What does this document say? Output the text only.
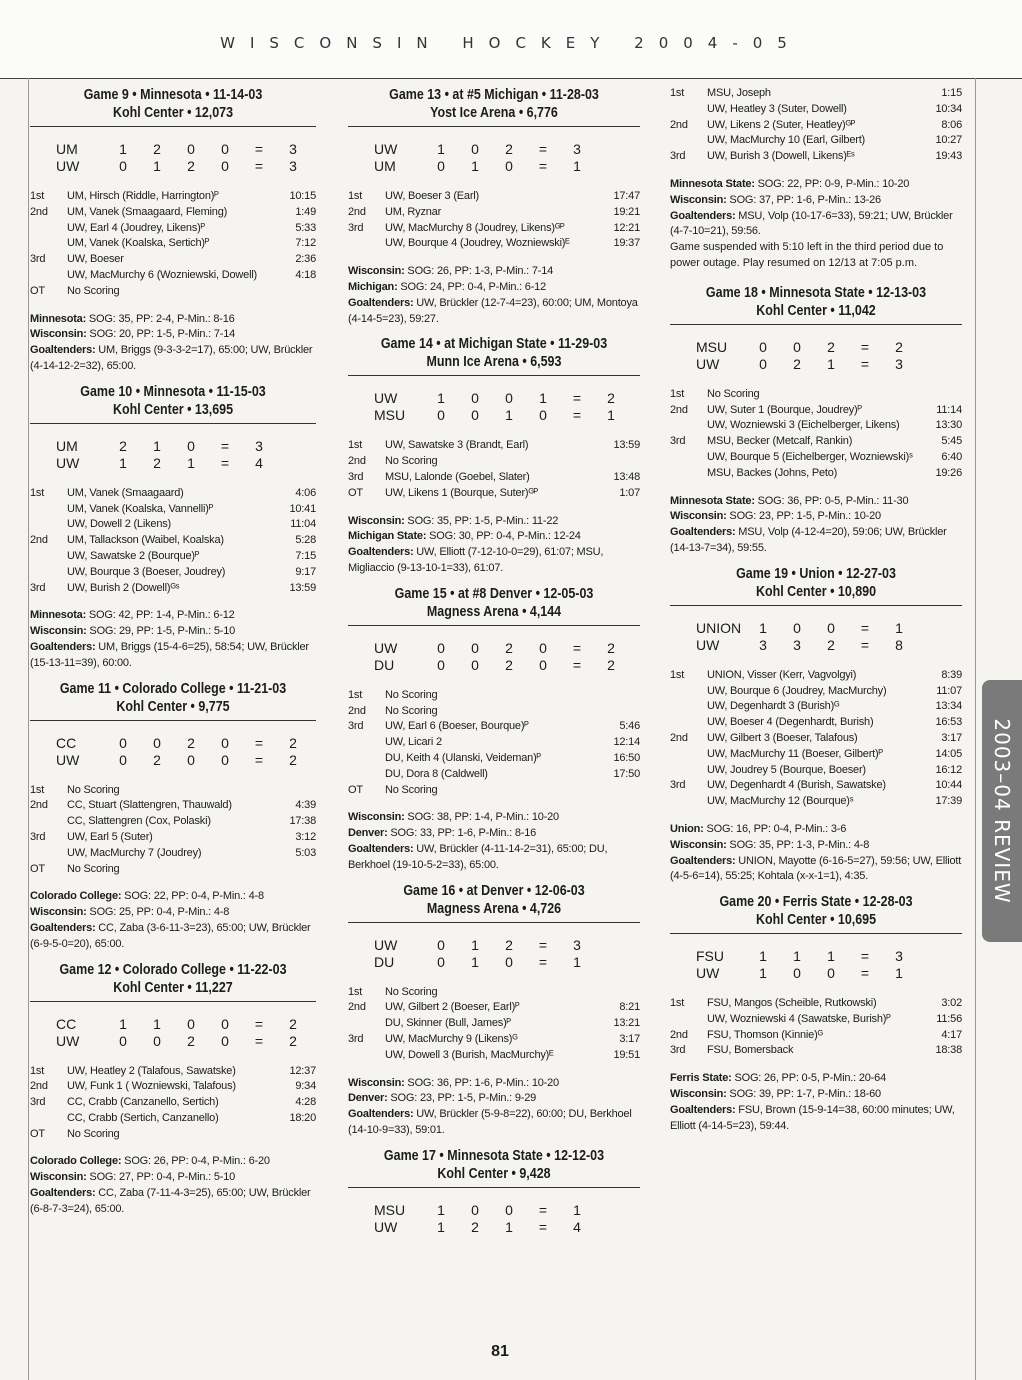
WISCONSIN HOCKEY 2004-05
Game 9 • Minnesota • 11-14-03
Kohl Center • 12,073
UM	1	2	0	0	=	3
UW	0	1	2	0	=	3
1st	UM, Hirsch (Riddle, Harrington)ᴾ	10:15
2nd	UM, Vanek (Smaagaard, Fleming)	1:49
UW, Earl 4 (Joudrey, Likens)ᴾ	5:33
UM, Vanek (Koalska, Sertich)ᴾ	7:12
3rd	UW, Boeser	2:36
UW, MacMurchy 6 (Wozniewski, Dowell)	4:18
OT	No Scoring

Minnesota: SOG: 35, PP: 2-4, P-Min.: 8-16

Wisconsin: SOG: 20, PP: 1-5, P-Min.: 7-14

Goaltenders: UM, Briggs (9-3-3-2=17), 65:00; UW, Brückler (4-14-12-2=32), 65:00.

Game 10 • Minnesota • 11-15-03
Kohl Center • 13,695
UM	2	1	0	=	3
UW	1	2	1	=	4
1st	UM, Vanek (Smaagaard)	4:06
UM, Vanek (Koalska, Vannelli)ᴾ	10:41
UW, Dowell 2 (Likens)	11:04
2nd	UM, Tallackson (Waibel, Koalska)	5:28
UW, Sawatske 2 (Bourque)ᴾ	7:15
UW, Bourque 3 (Boeser, Joudrey)	9:17
3rd	UW, Burish 2 (Dowell)ᴳˢ	13:59

Minnesota: SOG: 42, PP: 1-4, P-Min.: 6-12

Wisconsin: SOG: 29, PP: 1-5, P-Min.: 5-10

Goaltenders: UM, Briggs (15-4-6=25), 58:54; UW, Brückler (15-13-11=39), 60:00.

Game 11 • Colorado College • 11-21-03
Kohl Center • 9,775
CC	0	0	2	0	=	2
UW	0	2	0	0	=	2
1st	No Scoring
2nd	CC, Stuart (Slattengren, Thauwald)	4:39
CC, Slattengren (Cox, Polaski)	17:38
3rd	UW, Earl 5 (Suter)	3:12
UW, MacMurchy 7 (Joudrey)	5:03
OT	No Scoring

Colorado College: SOG: 22, PP: 0-4, P-Min.: 4-8

Wisconsin: SOG: 25, PP: 0-4, P-Min.: 4-8

Goaltenders: CC, Zaba (3-6-11-3=23), 65:00; UW, Brückler (6-9-5-0=20), 65:00.

Game 12 • Colorado College • 11-22-03
Kohl Center • 11,227
CC	1	1	0	0	=	2
UW	0	0	2	0	=	2
1st	UW, Heatley 2 (Talafous, Sawatske)	12:37
2nd	UW, Funk 1 ( Wozniewski, Talafous)	9:34
3rd	CC, Crabb (Canzanello, Sertich)	4:28
CC, Crabb (Sertich, Canzanello)	18:20
OT	No Scoring

Colorado College: SOG: 26, PP: 0-4, P-Min.: 6-20

Wisconsin: SOG: 27, PP: 0-4, P-Min.: 5-10

Goaltenders: CC, Zaba (7-11-4-3=25), 65:00; UW, Brückler (6-8-7-3=24), 65:00.

Game 13 • at #5 Michigan • 11-28-03
Yost Ice Arena • 6,776
UW	1	0	2	=	3
UM	0	1	0	=	1
1st	UW, Boeser 3 (Earl)	17:47
2nd	UM, Ryznar	19:21
3rd	UW, MacMurchy 8 (Joudrey, Likens)ᴳᴾ	12:21
UW, Bourque 4 (Joudrey, Wozniewski)ᴱ	19:37

Wisconsin: SOG: 26, PP: 1-3, P-Min.: 7-14

Michigan: SOG: 24, PP: 0-4, P-Min.: 6-12

Goaltenders: UW, Brückler (12-7-4=23), 60:00; UM, Montoya (4-14-5=23), 59:27.

Game 14 • at Michigan State • 11-29-03
Munn Ice Arena • 6,593
UW	1	0	0	1	=	2
MSU	0	0	1	0	=	1
1st	UW, Sawatske 3 (Brandt, Earl)	13:59
2nd	No Scoring
3rd	MSU, Lalonde (Goebel, Slater)	13:48
OT	UW, Likens 1 (Bourque, Suter)ᴳᴾ	1:07

Wisconsin: SOG: 35, PP: 1-5, P-Min.: 11-22

Michigan State: SOG: 30, PP: 0-4, P-Min.: 12-24

Goaltenders: UW, Elliott (7-12-10-0=29), 61:07; MSU, Migliaccio (9-13-10-1=33), 61:07.

Game 15 • at #8 Denver • 12-05-03
Magness Arena • 4,144
UW	0	0	2	0	=	2
DU	0	0	2	0	=	2
1st	No Scoring
2nd	No Scoring
3rd	UW, Earl 6 (Boeser, Bourque)ᴾ	5:46
UW, Licari 2	12:14
DU, Keith 4 (Ulanski, Veideman)ᴾ	16:50
DU, Dora 8 (Caldwell)	17:50
OT	No Scoring

Wisconsin: SOG: 38, PP: 1-4, P-Min.: 10-20

Denver: SOG: 33, PP: 1-6, P-Min.: 8-16

Goaltenders: UW, Brückler (4-11-14-2=31), 65:00; DU, Berkhoel (19-10-5-2=33), 65:00.

Game 16 • at Denver • 12-06-03
Magness Arena • 4,726
UW	0	1	2	=	3
DU	0	1	0	=	1
1st	No Scoring
2nd	UW, Gilbert 2 (Boeser, Earl)ᴾ	8:21
DU, Skinner (Bull, James)ᴾ	13:21
3rd	UW, MacMurchy 9 (Likens)ᴳ	3:17
UW, Dowell 3 (Burish, MacMurchy)ᴱ	19:51

Wisconsin: SOG: 36, PP: 1-6, P-Min.: 10-20

Denver: SOG: 23, PP: 1-5, P-Min.: 9-29

Goaltenders: UW, Brückler (5-9-8=22), 60:00; DU, Berkhoel (14-10-9=33), 59:01.

Game 17 • Minnesota State • 12-12-03
Kohl Center • 9,428
MSU	1	0	0	=	1
UW	1	2	1	=	4
1st	MSU, Joseph	1:15
UW, Heatley 3 (Suter, Dowell)	10:34
2nd	UW, Likens 2 (Suter, Heatley)ᴳᴾ	8:06
UW, MacMurchy 10 (Earl, Gilbert)	10:27
3rd	UW, Burish 3 (Dowell, Likens)ᴱˢ	19:43

Minnesota State: SOG: 22, PP: 0-9, P-Min.: 10-20

Wisconsin: SOG: 37, PP: 1-6, P-Min.: 13-26

Goaltenders: MSU, Volp (10-17-6=33), 59:21; UW, Brückler (4-7-10=21), 59:56.

Game suspended with 5:10 left in the third period due to power outage. Play resumed on 12/13 at 7:05 p.m.

Game 18 • Minnesota State • 12-13-03
Kohl Center • 11,042
MSU	0	0	2	=	2
UW	0	2	1	=	3
1st	No Scoring
2nd	UW, Suter 1 (Bourque, Joudrey)ᴾ	11:14
UW, Wozniewski 3 (Eichelberger, Likens)	13:30
3rd	MSU, Becker (Metcalf, Rankin)	5:45
UW, Bourque 5 (Eichelberger, Wozniewski)ˢ	6:40
MSU, Backes (Johns, Peto)	19:26

Minnesota State: SOG: 36, PP: 0-5, P-Min.: 11-30

Wisconsin: SOG: 23, PP: 1-5, P-Min.: 10-20

Goaltenders: MSU, Volp (4-12-4=20), 59:06; UW, Brückler (14-13-7=34), 59:55.

Game 19 • Union • 12-27-03
Kohl Center • 10,890
UNION	1	0	0	=	1
UW	3	3	2	=	8
1st	UNION, Visser (Kerr, Vagvolgyi)	8:39
UW, Bourque 6 (Joudrey, MacMurchy)	11:07
UW, Degenhardt 3 (Burish)ᴳ	13:34
UW, Boeser 4 (Degenhardt, Burish)	16:53
2nd	UW, Gilbert 3 (Boeser, Talafous)	3:17
UW, MacMurchy 11 (Boeser, Gilbert)ᴾ	14:05
UW, Joudrey 5 (Bourque, Boeser)	16:12
3rd	UW, Degenhardt 4 (Burish, Sawatske)	10:44
UW, MacMurchy 12 (Bourque)ˢ	17:39

Union: SOG: 16, PP: 0-4, P-Min.: 3-6

Wisconsin: SOG: 35, PP: 1-3, P-Min.: 4-8

Goaltenders: UNION, Mayotte (6-16-5=27), 59:56; UW, Elliott (4-5-6=14), 55:25; Kohtala (x-x-1=1), 4:35.

Game 20 • Ferris State • 12-28-03
Kohl Center • 10,695
FSU	1	1	1	=	3
UW	1	0	0	=	1
1st	FSU, Mangos (Scheible, Rutkowski)	3:02
UW, Wozniewski 4 (Sawatske, Burish)ᴾ	11:56
2nd	FSU, Thomson (Kinnie)ᴳ	4:17
3rd	FSU, Bomersback	18:38

Ferris State: SOG: 26, PP: 0-5, P-Min.: 20-64

Wisconsin: SOG: 39, PP: 1-7, P-Min.: 18-60

Goaltenders: FSU, Brown (15-9-14=38, 60:00 minutes; UW, Elliott (4-14-5=23), 59:44.

2003–04 REVIEW
81
